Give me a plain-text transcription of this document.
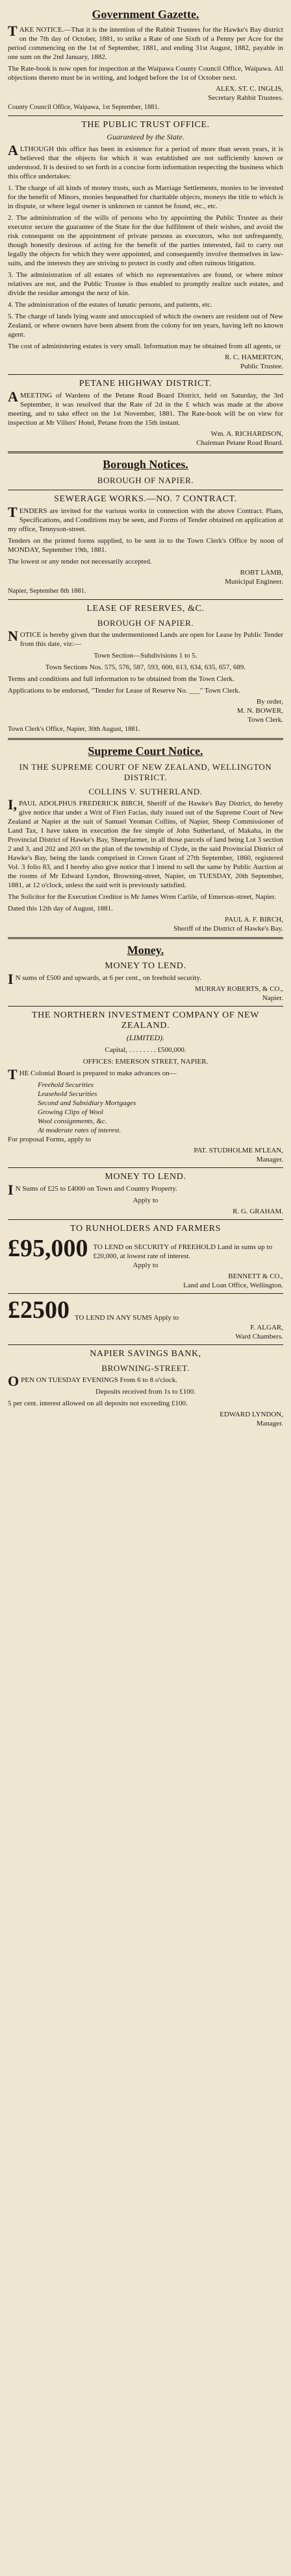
Government Gazette.

TAKE NOTICE.—That it is the intention of the Rabbit Trustees for the Hawke's Bay district on the 7th day of October, 1881, to strike a Rate of one Sixth of a Penny per Acre for the period commencing on the 1st of September, 1881, and ending 31st August, 1882, payable in one sum on the 2nd January, 1882.

The Rate-book is now open for inspection at the Waipawa County Council Office, Waipawa. All objections thereto must be in writing, and lodged before the 1st of October next.

ALEX. ST. C. INGLIS,
Secretary Rabbit Trustees.

County Council Office, Waipawa, 1st September, 1881.

THE PUBLIC TRUST OFFICE.
Guaranteed by the State.

ALTHOUGH this office has been in existence for a period of more than seven years, it is believed that the objects for which it was established are not sufficiently known or understood. It is desired to set forth in a concise form information respecting the business which this office undertakes:

1. The charge of all kinds of money trusts, such as Marriage Settlements, monies to be invested for the benefit of Minors, monies bequeathed for charitable objects, moneys the title to which is in dispute, or where legal owner is unknown or cannot be found, etc., etc.

2. The administration of the wills of persons who by appointing the Public Trustee as their executor secure the guarantee of the State for the due fulfilment of their wishes, and avoid the risk consequent on the appointment of private persons as executors, who not unfrequently, though honestly desirous of acting for the benefit of the parties interested, fail to carry out legally the objects for which they were appointed, and consequently involve themselves in law-suits, and the interests they are striving to protect in costly and often ruinous litigation.

3. The administration of all estates of which no representatives are found, or where minor relatives are not, and the Public Trustee is thus enabled to promptly realize such estates, and divide the residue amongst the next of kin.

4. The administration of the estates of lunatic persons, and patients, etc.

5. The charge of lands lying waste and unoccupied of which the owners are resident out of New Zealand, or where owners have been absent from the colony for ten years, having left no known agent.

The cost of administering estates is very small. Information may be obtained from all agents, or

R. C. HAMERTON,
Public Trustee.
PETANE HIGHWAY DISTRICT.

AMEETING of Wardens of the Petane Road Board District, held on Saturday, the 3rd September, it was resolved that the Rate of 2d in the £ which was made at the above meeting, and to take effect on the 1st November, 1881. The Rate-book will be on view for inspection at Mr Villers' Hotel, Petane from the 15th instant.

Wm. A. RICHARDSON,
Chairman Petane Road Board.
Borough Notices.
BOROUGH OF NAPIER.
SEWERAGE WORKS.—NO. 7 CONTRACT.

TENDERS are invited for the various works in connection with the above Contract. Plans, Specifications, and Conditions may be seen, and Forms of Tender obtained on application at my office, Tennyson-street.

Tenders on the printed forms supplied, to be sent in to the Town Clerk's Office by noon of MONDAY, September 19th, 1881.

The lowest or any tender not necessarily accepted.

ROBT LAMB,
Municipal Engineer.

Napier, September 8th 1881.

LEASE OF RESERVES, &C.
BOROUGH OF NAPIER.

NOTICE is hereby given that the undermentioned Lands are open for Lease by Public Tender from this date, viz:—

Town Section—Subdivisions 1 to 5.

Town Sections Nos. 575, 576, 587, 593, 600, 613, 634, 635, 657, 689.

Terms and conditions and full information to be obtained from the Town Clerk.

Applications to be endorsed, "Tender for Lease of Reserve No. ___" Town Clerk.

By order,
M. N. BOWER,
Town Clerk.

Town Clerk's Office, Napier, 30th August, 1881.

Supreme Court Notice.
IN THE SUPREME COURT OF NEW ZEALAND, WELLINGTON DISTRICT.
COLLINS V. SUTHERLAND.

I,PAUL ADOLPHUS FREDERICK BIRCH, Sheriff of the Hawke's Bay District, do hereby give notice that under a Writ of Fieri Facias, duly issued out of the Supreme Court of New Zealand at Napier at the suit of Samuel Yeoman Collins, of Napier, Sheep Commissioner of Land Tax, I have taken in execution the fee simple of John Sutherland, of Makaha, in the Provincial District of Hawke's Bay, Sheepfarmer, in all those parcels of land being Lot 3 section 2 and 3, and 202 and 203 on the plan of the township of Clyde, in the said Provincial District of Hawke's Bay, being the lands comprised in Crown Grant of 27th September, 1860, registered Vol. 3 folio 83, and I hereby also give notice that I intend to sell the same by Public Auction at the rooms of Mr Edward Lyndon, Browning-street, Napier, on TUESDAY, 20th September, 1881, at 12 o'clock, unless the said writ is previously satisfied.

The Solicitor for the Execution Creditor is Mr James Wren Carlile, of Emerson-street, Napier.

Dated this 12th day of August, 1881.

PAUL A. F. BIRCH,
Sheriff of the District of Hawke's Bay.
Money.
MONEY TO LEND.

IN sums of £500 and upwards, at 6 per cent., on freehold security.

MURRAY ROBERTS, & CO.,
Napier.
THE NORTHERN INVESTMENT COMPANY OF NEW ZEALAND.
(LIMITED).

Capital, . . . . . . . . £500,000.

OFFICES: EMERSON STREET, NAPIER.

THE Colonial Board is prepared to make advances on—

Freehold Securities
Leasehold Securities
Second and Subsidiary Mortgages
Growing Clips of Wool
Wool consignments, &c.
At moderate rates of interest.

For proposal Forms, apply to

PAT. STUDHOLME M'LEAN,
Manager.
MONEY TO LEND.

IN Sums of £25 to £4000 on Town and Country Property.

Apply to

R. G. GRAHAM.
TO RUNHOLDERS AND FARMERS
£95,000 TO LEND on SECURITY of FREEHOLD Land in sums up to £20,000, at lowest rate of interest.

Apply to

BENNETT & CO.,
Land and Loan Office, Wellington.
£2500 TO LEND IN ANY SUMS Apply to
F. ALGAR,
Ward Chambers.
NAPIER SAVINGS BANK,
BROWNING-STREET.

OPEN ON TUESDAY EVENINGS From 6 to 8 o'clock.

Deposits received from 1s to £100.

5 per cent. interest allowed on all deposits not exceeding £100.

EDWARD LYNDON,
Manager.
